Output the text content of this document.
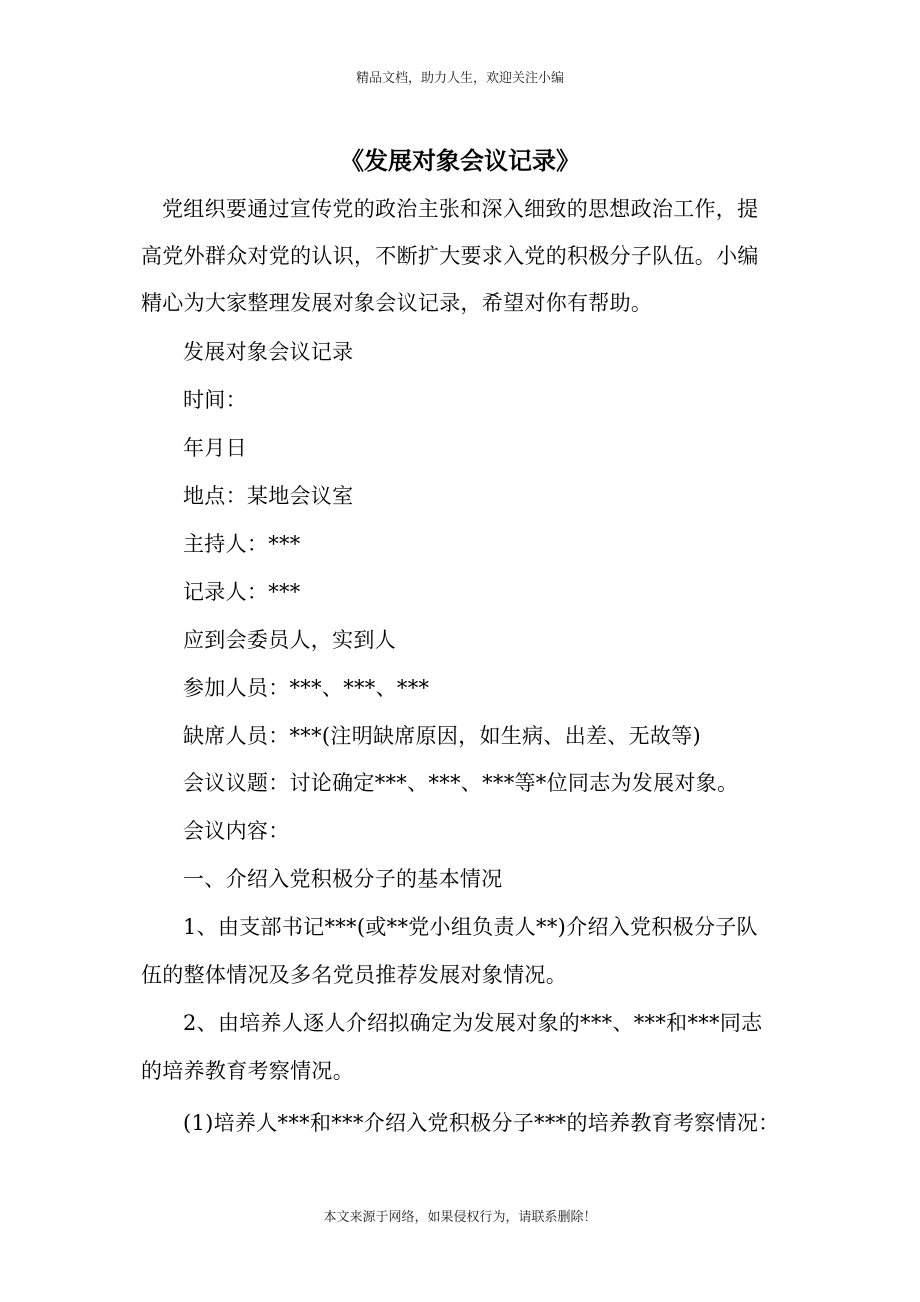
精品文档，助力人生，欢迎关注小编
《发展对象会议记录》
党组织要通过宣传党的政治主张和深入细致的思想政治工作，提
高党外群众对党的认识，不断扩大要求入党的积极分子队伍。小编
精心为大家整理发展对象会议记录，希望对你有帮助。
发展对象会议记录
时间：
年月日
地点：某地会议室
主持人：***
记录人：***
应到会委员人，实到人
参加人员：***、***、***
缺席人员：***(注明缺席原因，如生病、出差、无故等)
会议议题：讨论确定***、***、***等*位同志为发展对象。
会议内容：
一、介绍入党积极分子的基本情况
1、由支部书记***(或**党小组负责人**)介绍入党积极分子队
伍的整体情况及多名党员推荐发展对象情况。
2、由培养人逐人介绍拟确定为发展对象的***、***和***同志
的培养教育考察情况。
(1)培养人***和***介绍入党积极分子***的培养教育考察情况：
本文来源于网络，如果侵权行为，请联系删除！
